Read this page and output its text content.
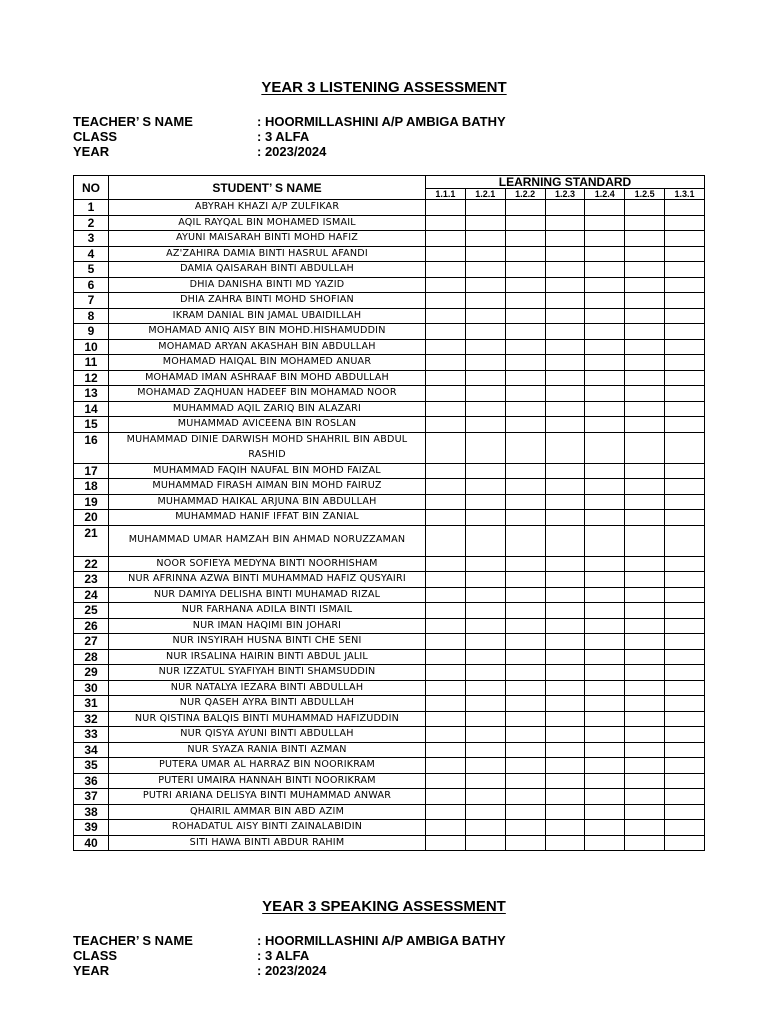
YEAR 3 LISTENING ASSESSMENT
TEACHER’ S NAME	: HOORMILLASHINI A/P AMBIGA BATHY
CLASS	: 3 ALFA
YEAR	: 2023/2024
NO	STUDENT’ S NAME	LEARNING STANDARD						
		1.1.1	1.2.1	1.2.2	1.2.3	1.2.4	1.2.5	1.3.1
1	ABYRAH KHAZI A/P ZULFIKAR							
2	AQIL RAYQAL BIN MOHAMED ISMAIL							
3	AYUNI MAISARAH BINTI MOHD HAFIZ							
4	AZ'ZAHIRA DAMIA BINTI HASRUL AFANDI							
5	DAMIA QAISARAH BINTI ABDULLAH							
6	DHIA DANISHA BINTI MD YAZID							
7	DHIA ZAHRA BINTI MOHD SHOFIAN							
8	IKRAM DANIAL BIN JAMAL UBAIDILLAH							
9	MOHAMAD ANIQ AISY BIN MOHD.HISHAMUDDIN							
10	MOHAMAD ARYAN AKASHAH BIN ABDULLAH							
11	MOHAMAD HAIQAL BIN MOHAMED ANUAR							
12	MOHAMAD IMAN ASHRAAF BIN MOHD ABDULLAH							
13	MOHAMAD ZAQHUAN HADEEF BIN MOHAMAD NOOR							
14	MUHAMMAD AQIL ZARIQ BIN ALAZARI							
15	MUHAMMAD AVICEENA BIN ROSLAN							
16	MUHAMMAD DINIE DARWISH MOHD SHAHRIL BIN ABDUL RASHID							
17	MUHAMMAD FAQIH NAUFAL BIN MOHD FAIZAL							
18	MUHAMMAD FIRASH AIMAN BIN MOHD FAIRUZ							
19	MUHAMMAD HAIKAL ARJUNA BIN ABDULLAH							
20	MUHAMMAD HANIF IFFAT BIN ZANIAL							
21	MUHAMMAD UMAR HAMZAH BIN AHMAD NORUZZAMAN							
22	NOOR SOFIEYA MEDYNA BINTI NOORHISHAM							
23	NUR AFRINNA AZWA BINTI MUHAMMAD HAFIZ QUSYAIRI							
24	NUR DAMIYA DELISHA BINTI MUHAMAD RIZAL							
25	NUR FARHANA ADILA BINTI ISMAIL							
26	NUR IMAN HAQIMI BIN JOHARI							
27	NUR INSYIRAH HUSNA BINTI CHE SENI							
28	NUR IRSALINA HAIRIN BINTI ABDUL JALIL							
29	NUR IZZATUL SYAFIYAH BINTI SHAMSUDDIN							
30	NUR NATALYA IEZARA BINTI ABDULLAH							
31	NUR QASEH AYRA BINTI ABDULLAH							
32	NUR QISTINA BALQIS BINTI MUHAMMAD HAFIZUDDIN							
33	NUR QISYA AYUNI BINTI ABDULLAH							
34	NUR SYAZA RANIA BINTI AZMAN							
35	PUTERA UMAR AL HARRAZ BIN NOORIKRAM							
36	PUTERI UMAIRA HANNAH BINTI NOORIKRAM							
37	PUTRI ARIANA DELISYA BINTI MUHAMMAD ANWAR							
38	QHAIRIL AMMAR BIN ABD AZIM							
39	ROHADATUL AISY BINTI ZAINALABIDIN							
40	SITI HAWA BINTI ABDUR RAHIM							
YEAR 3 SPEAKING ASSESSMENT
TEACHER’ S NAME	: HOORMILLASHINI A/P AMBIGA BATHY
CLASS	: 3 ALFA
YEAR	: 2023/2024
